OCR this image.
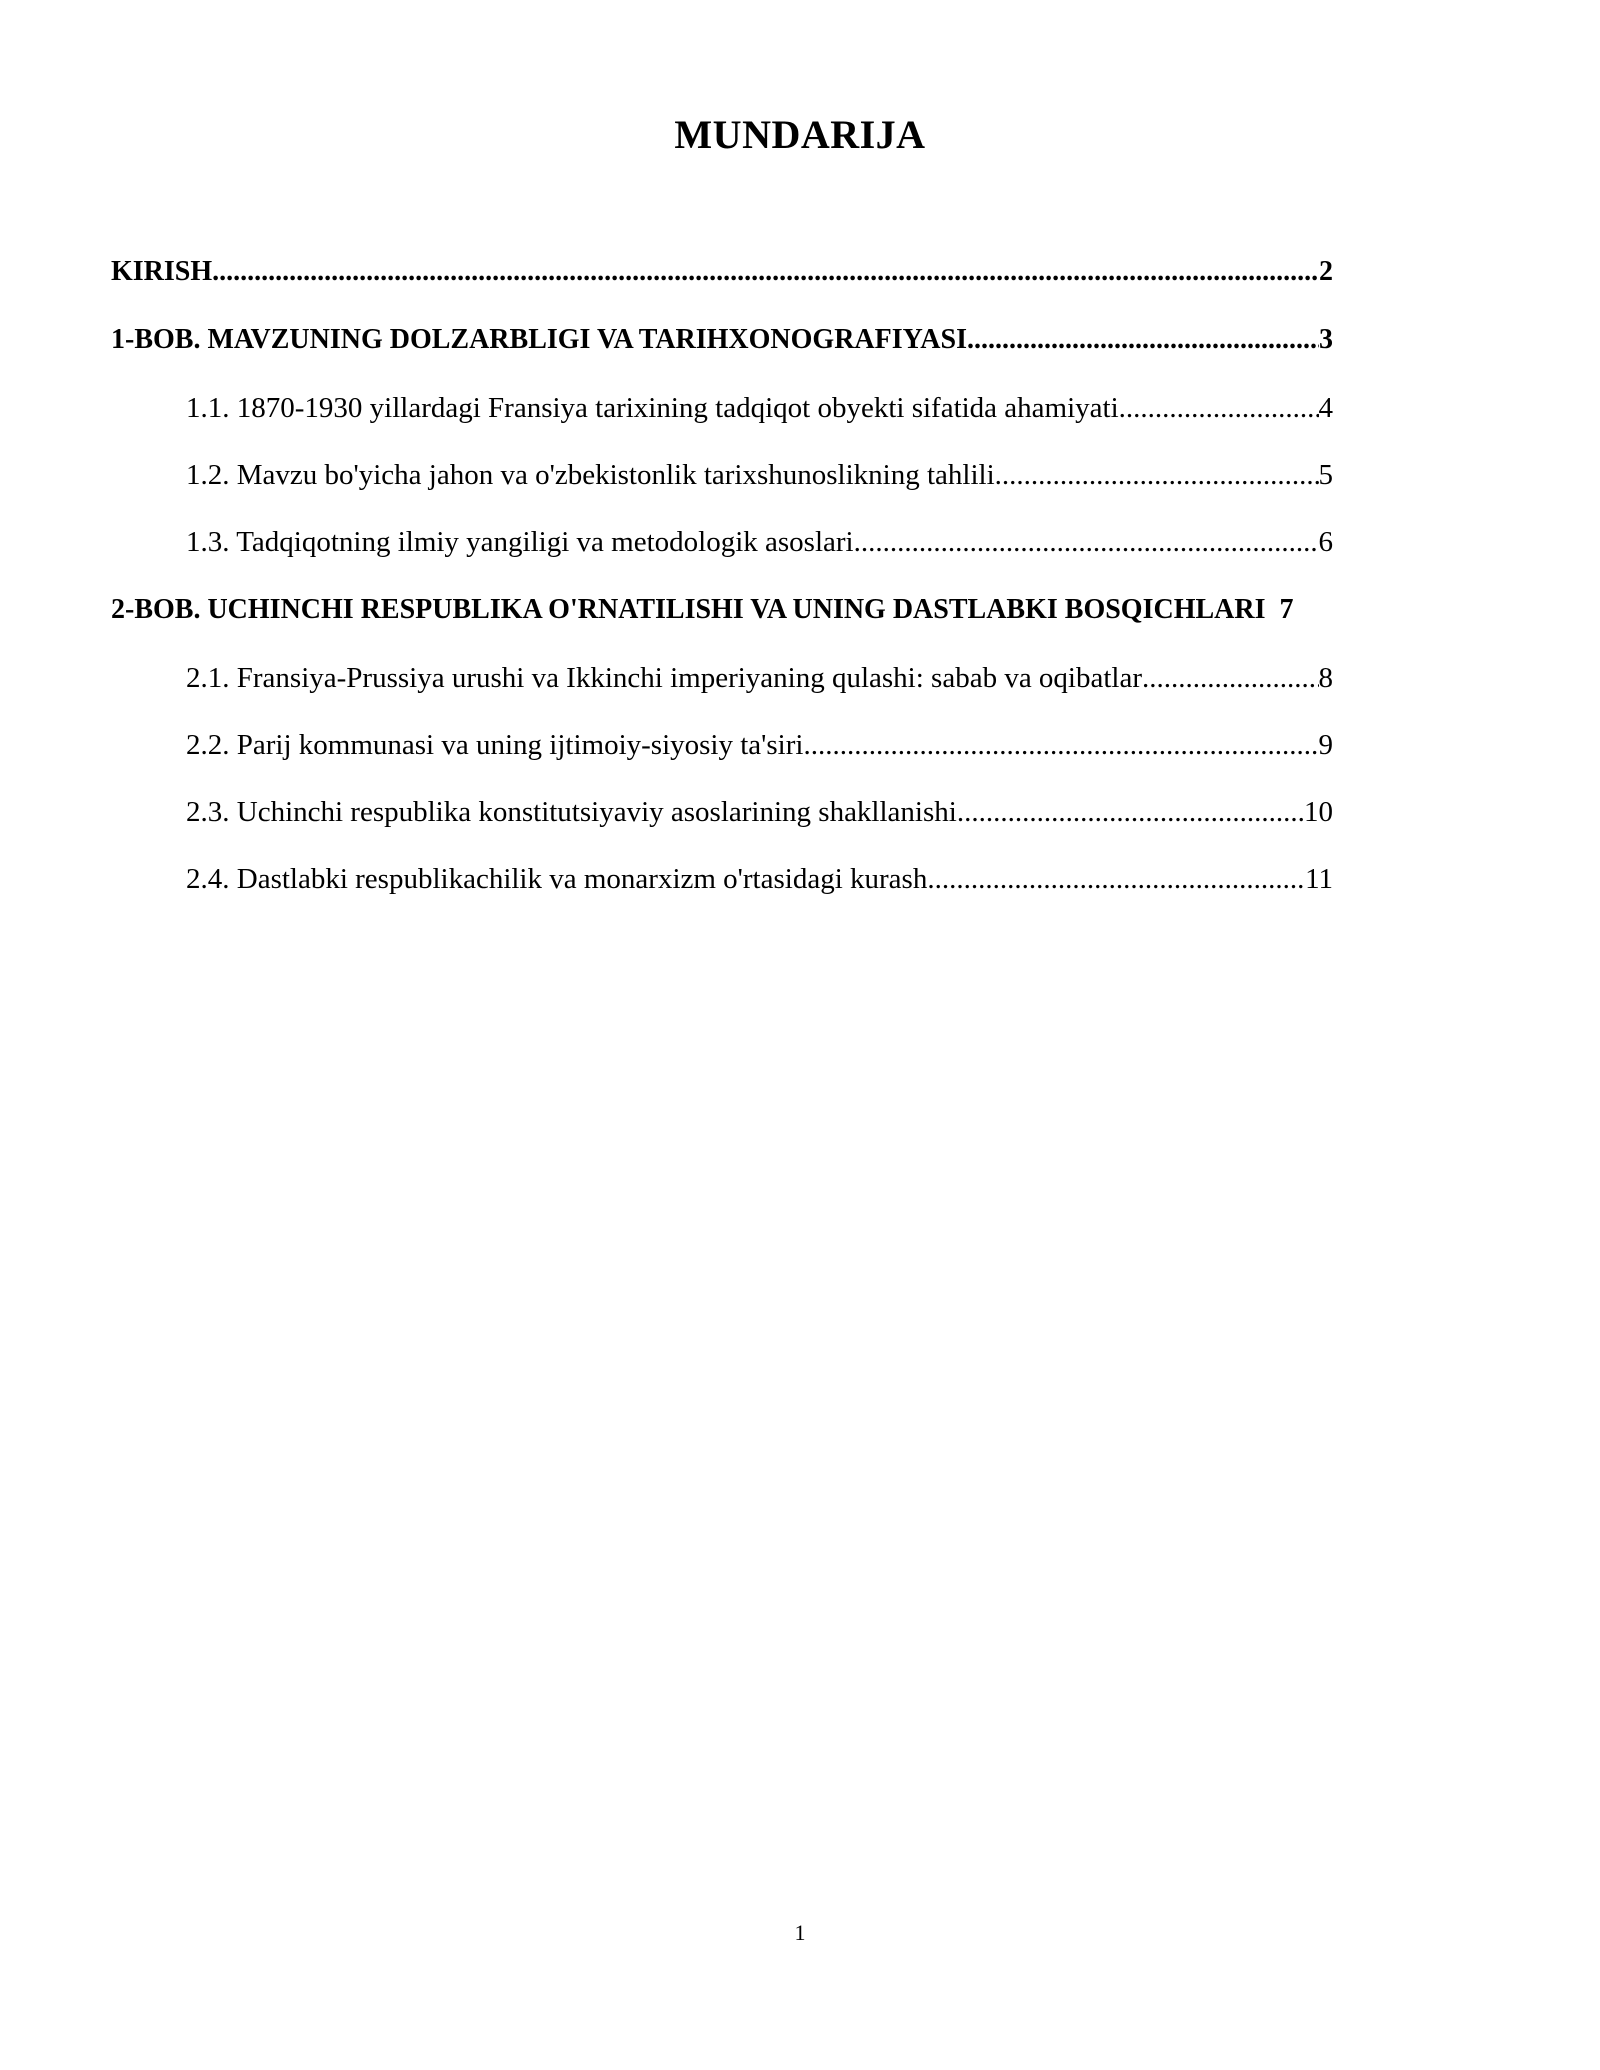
MUNDARIJA
KIRISH .....	2
1-BOB. MAVZUNING DOLZARBLIGI VA TARIHXONOGRAFIYASI .....	3
1.1. 1870-1930 yillardagi Fransiya tarixining tadqiqot obyekti sifatida ahamiyati .....	4
1.2. Mavzu bo'yicha jahon va o'zbekistonlik tarixshunoslikning tahlili .....	5
1.3. Tadqiqotning ilmiy yangiligi va metodologik asoslari .....	6
2-BOB. UCHINCHI RESPUBLIKA O'RNATILISHI VA UNING DASTLABKI BOSQICHLARI 7
2.1. Fransiya-Prussiya urushi va Ikkinchi imperiyaning qulashi: sabab va oqibatlar .....	8
2.2. Parij kommunasi va uning ijtimoiy-siyosiy ta'siri .....	9
2.3. Uchinchi respublika konstitutsiyaviy asoslarining shakllanishi .....	10
2.4. Dastlabki respublikachilik va monarxizm o'rtasidagi kurash .....	11
1
